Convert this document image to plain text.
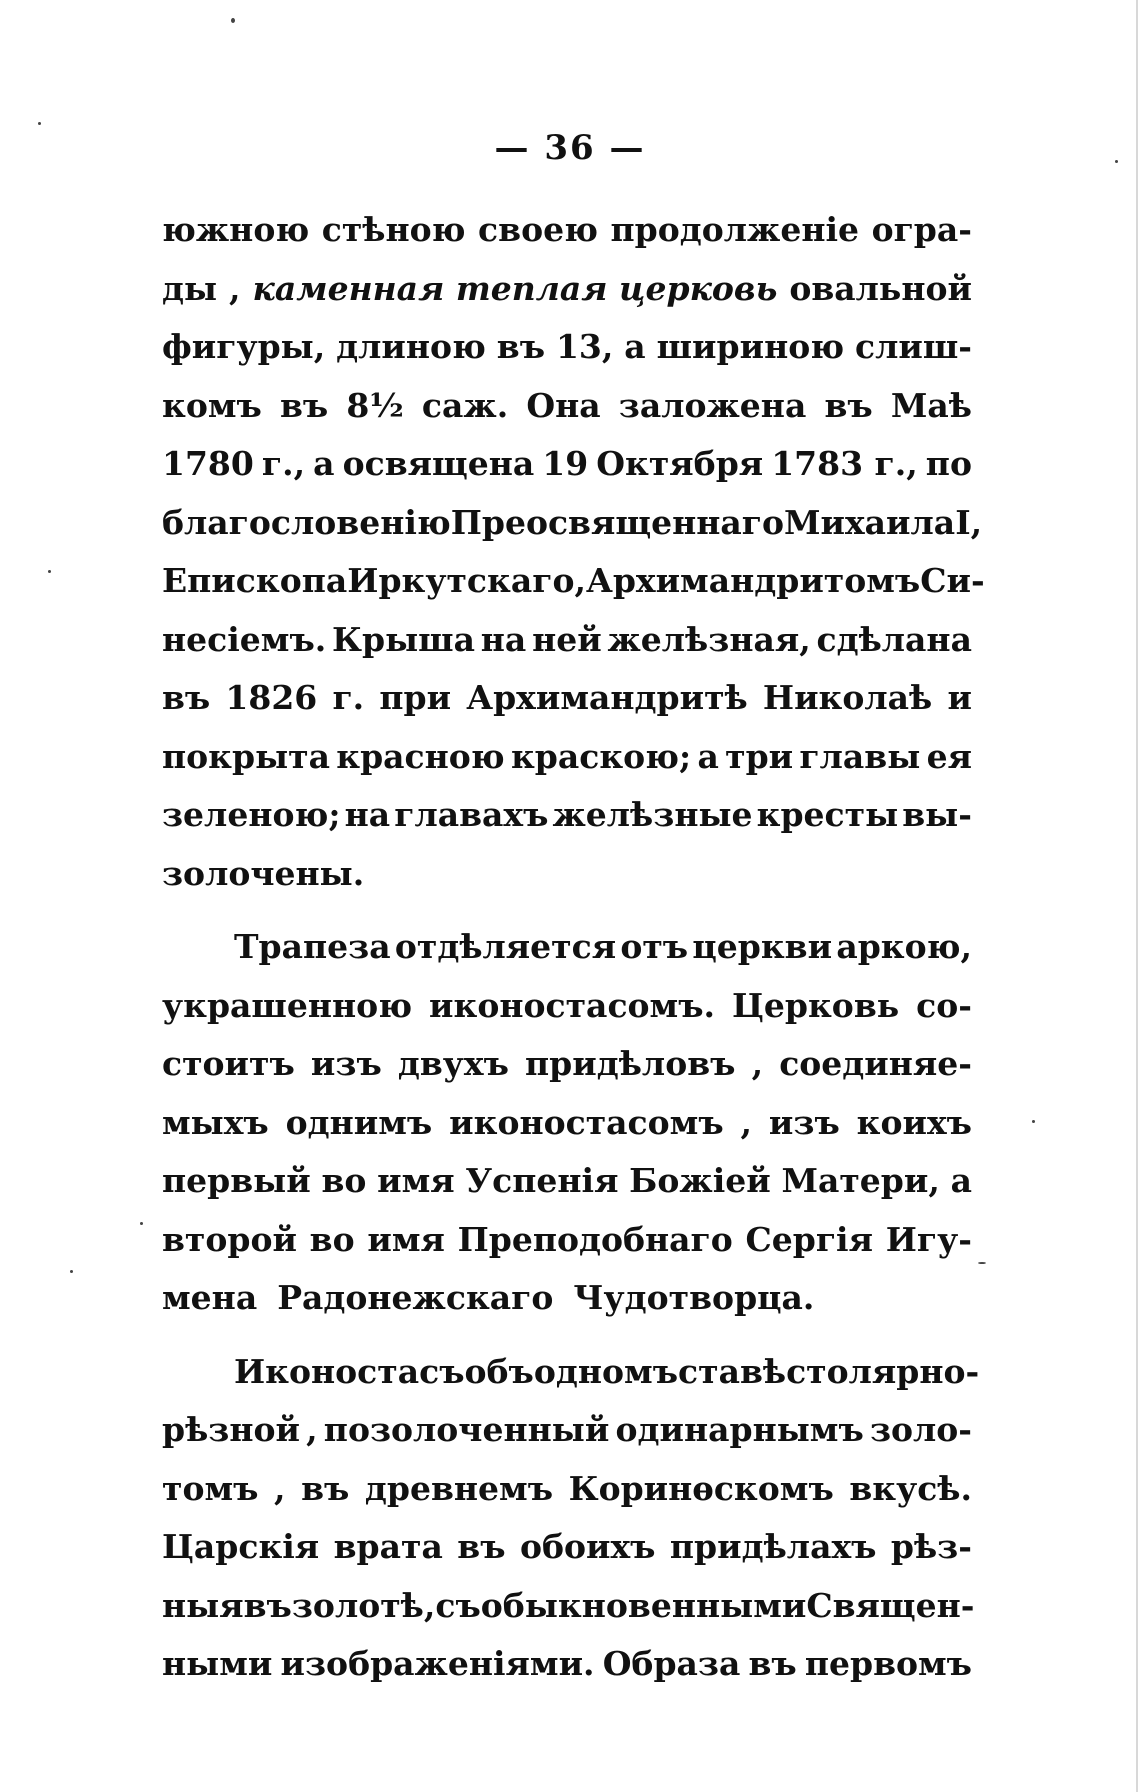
— 36 —
южною стѣною своею продолженіе огра-
ды , каменная теплая церковь овальной
фигуры, длиною въ 13, а шириною слиш-
комъ въ 8½ саж. Она заложена въ Маѣ
1780 г., а освящена 19 Октября 1783 г., по
благословенію Преосвященнаго Михаила I,
Епископа Иркутскаго, Архимандритомъ Си-
несіемъ. Крыша на ней желѣзная, сдѣлана
въ 1826 г. при Архимандритѣ Николаѣ и
покрыта красною краскою; а три главы ея
зеленою; на главахъ желѣзные кресты вы-
золочены.
Трапеза отдѣляется отъ церкви аркою,
украшенною иконостасомъ. Церковь со-
стоитъ изъ двухъ придѣловъ , соединяе-
мыхъ однимъ иконостасомъ , изъ коихъ
первый во имя Успенія Божіей Матери, а
второй во имя Преподобнаго Сергія Игу-
мена Радонежскаго Чудотворца.
Иконостасъ объ одномъ ставѣ столярно-
рѣзной , позолоченный одинарнымъ золо-
томъ , въ древнемъ Коринѳскомъ вкусѣ.
Царскія врата въ обоихъ придѣлахъ рѣз-
ныя въ золотѣ, съ обыкновенными Священ-
ными изображеніями. Образа въ первомъ
